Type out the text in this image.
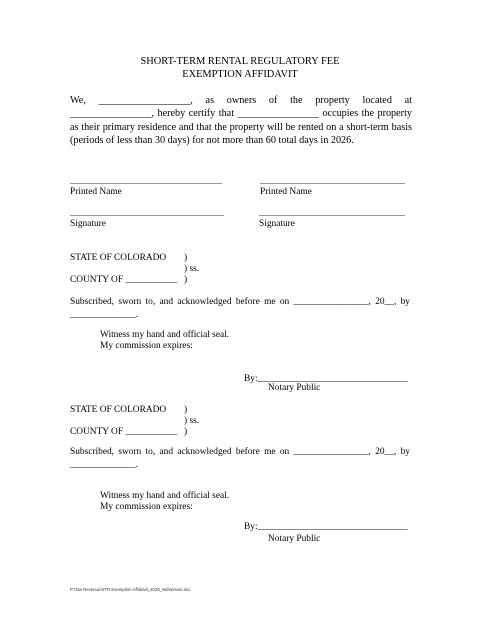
SHORT-TERM RENTAL REGULATORY FEE
EXEMPTION AFFIDAVIT
We, __________________, as owners of the property located at ________________, hereby certify that ________________ occupies the property as their primary residence and that the property will be rented on a short-term basis (periods of less than 30 days) for not more than 60 total days in 2026.
Printed Name	Printed Name
Signature	Signature
STATE OF COLORADO )
) ss.
COUNTY OF ___________ )
Subscribed, sworn to, and acknowledged before me on ________________, 20__, by
______________.
Witness my hand and official seal.
My commission expires:
By:________________________________
Notary Public
STATE OF COLORADO )
) ss.
COUNTY OF ___________ )
Subscribed, sworn to, and acknowledged before me on ________________, 20__, by
______________.
Witness my hand and official seal.
My commission expires:
By:________________________________
Notary Public
P:\Tax Revenue\STR Exemption Affidavit_2025_Wdversion.doc
